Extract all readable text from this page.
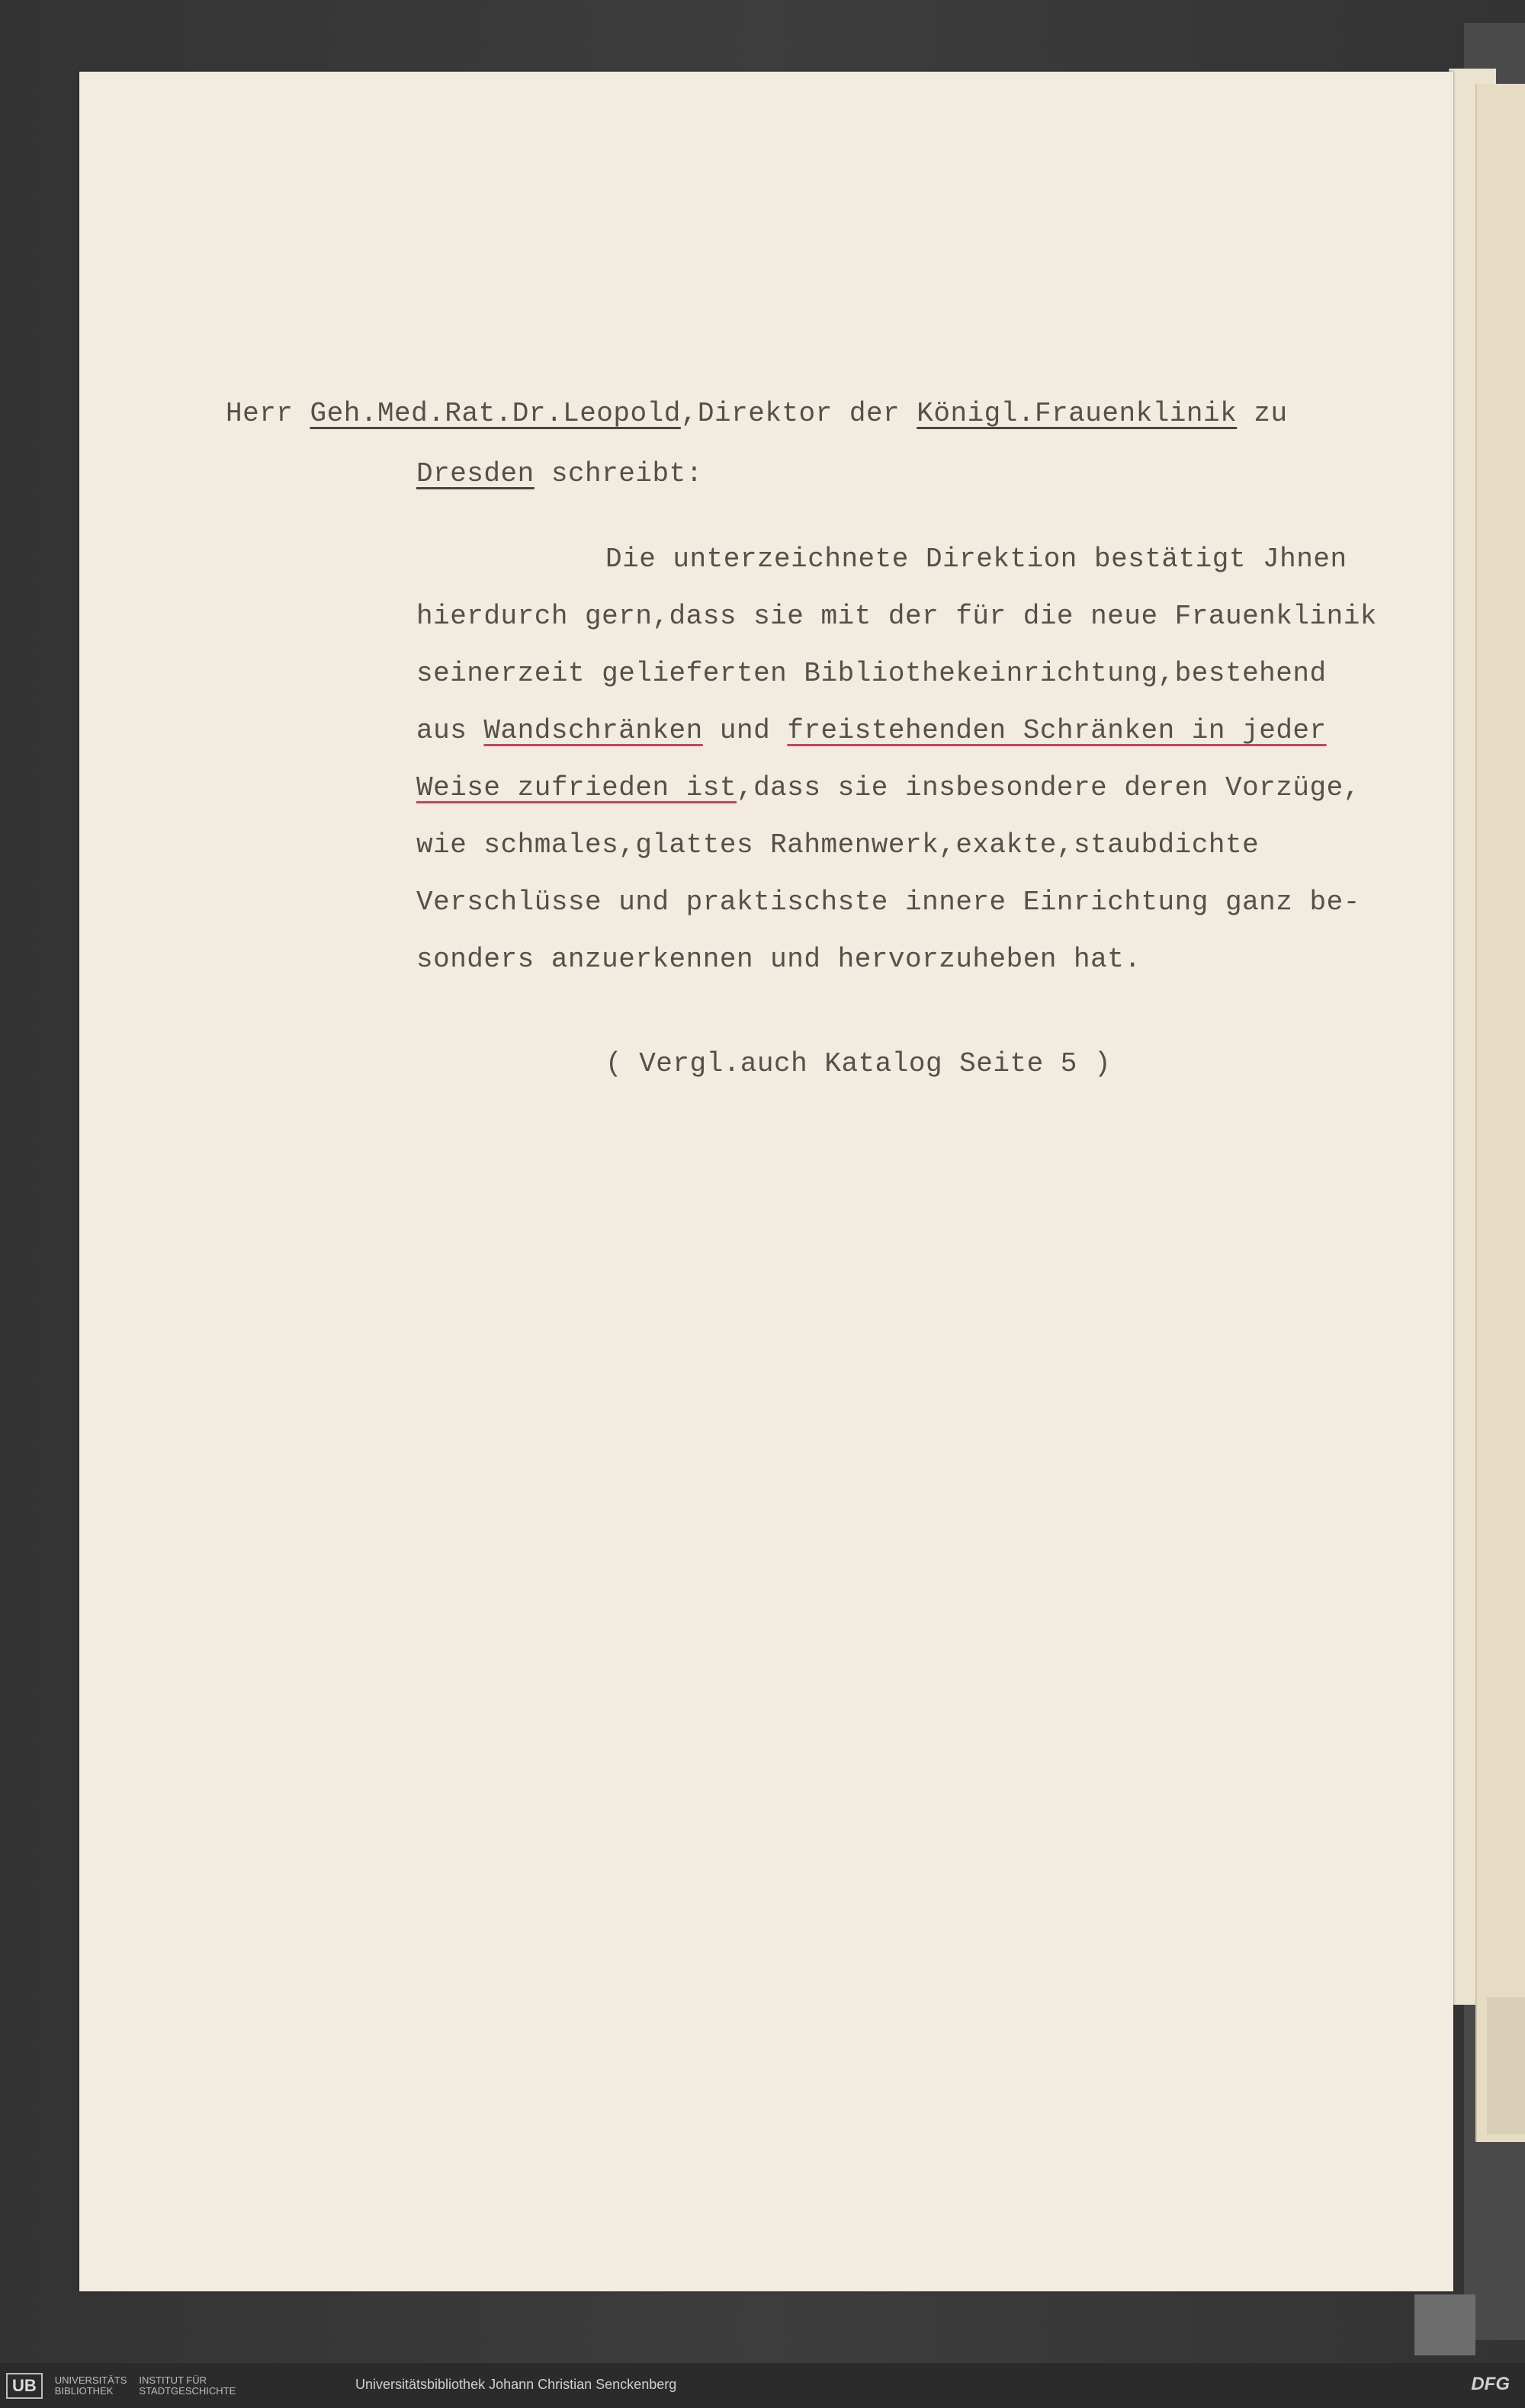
Herr Geh.Med.Rat.Dr.Leopold,Direktor der Königl.Frauenklinik zu
Dresden schreibt:
Die unterzeichnete Direktion bestätigt Jhnen
hierdurch gern,dass sie mit der für die neue Frauenklinik
seinerzeit gelieferten Bibliothekeinrichtung,bestehend
aus Wandschränken und freistehenden Schränken in jeder
Weise zufrieden ist,dass sie insbesondere deren Vorzüge,
wie schmales,glattes Rahmenwerk,exakte,staubdichte
Verschlüsse und praktischste innere Einrichtung ganz be-
sonders anzuerkennen und hervorzuheben hat.
( Vergl.auch Katalog Seite 5 )
UB	UNIVERSITÄTS
BIBLIOTHEK
INSTITUT FÜR
STADTGESCHICHTE	Universitätsbibliothek Johann Christian Senckenberg	DFG
